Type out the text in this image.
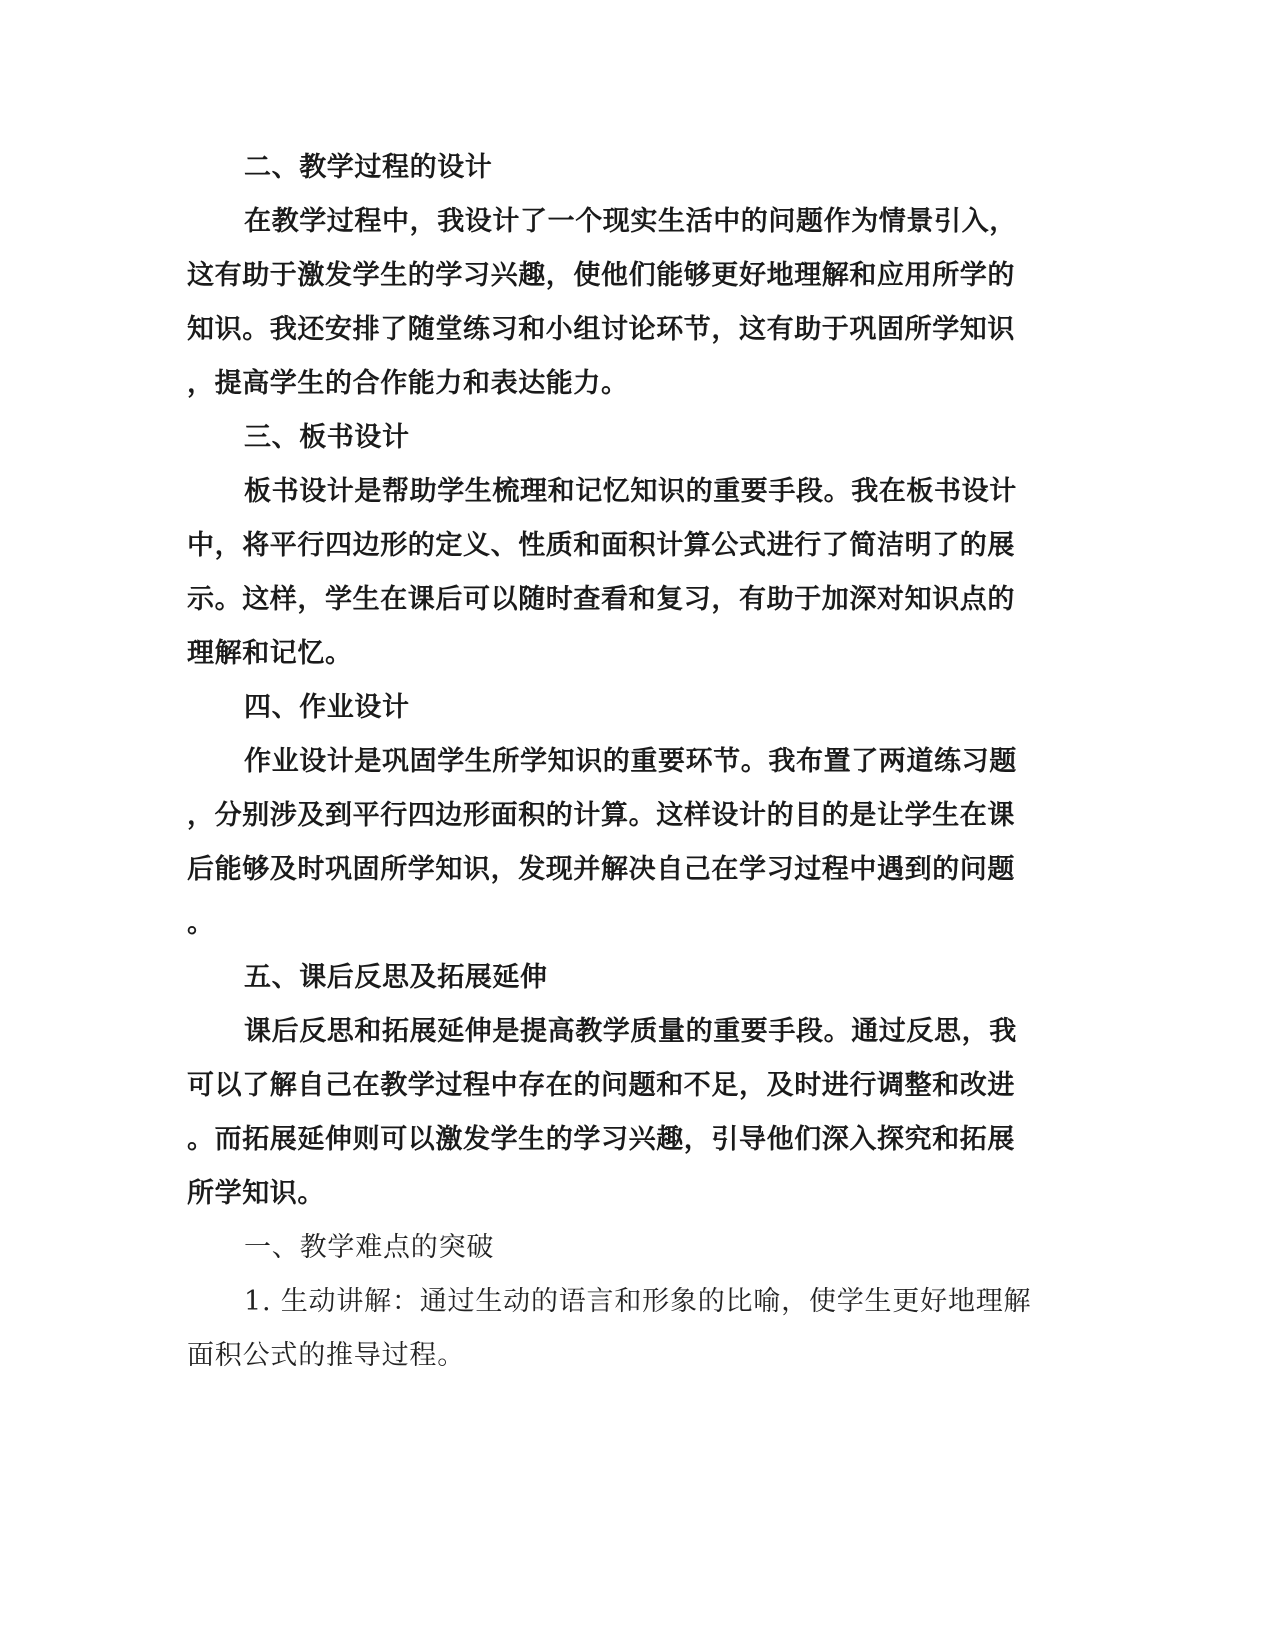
二、教学过程的设计
在教学过程中，我设计了一个现实生活中的问题作为情景引入，
这有助于激发学生的学习兴趣，使他们能够更好地理解和应用所学的
知识。我还安排了随堂练习和小组讨论环节，这有助于巩固所学知识
，提高学生的合作能力和表达能力。
三、板书设计
板书设计是帮助学生梳理和记忆知识的重要手段。我在板书设计
中，将平行四边形的定义、性质和面积计算公式进行了简洁明了的展
示。这样，学生在课后可以随时查看和复习，有助于加深对知识点的
理解和记忆。
四、作业设计
作业设计是巩固学生所学知识的重要环节。我布置了两道练习题
，分别涉及到平行四边形面积的计算。这样设计的目的是让学生在课
后能够及时巩固所学知识，发现并解决自己在学习过程中遇到的问题
。
五、课后反思及拓展延伸
课后反思和拓展延伸是提高教学质量的重要手段。通过反思，我
可以了解自己在教学过程中存在的问题和不足，及时进行调整和改进
。而拓展延伸则可以激发学生的学习兴趣，引导他们深入探究和拓展
所学知识。
一、教学难点的突破
1. 生动讲解：通过生动的语言和形象的比喻，使学生更好地理解
面积公式的推导过程。
